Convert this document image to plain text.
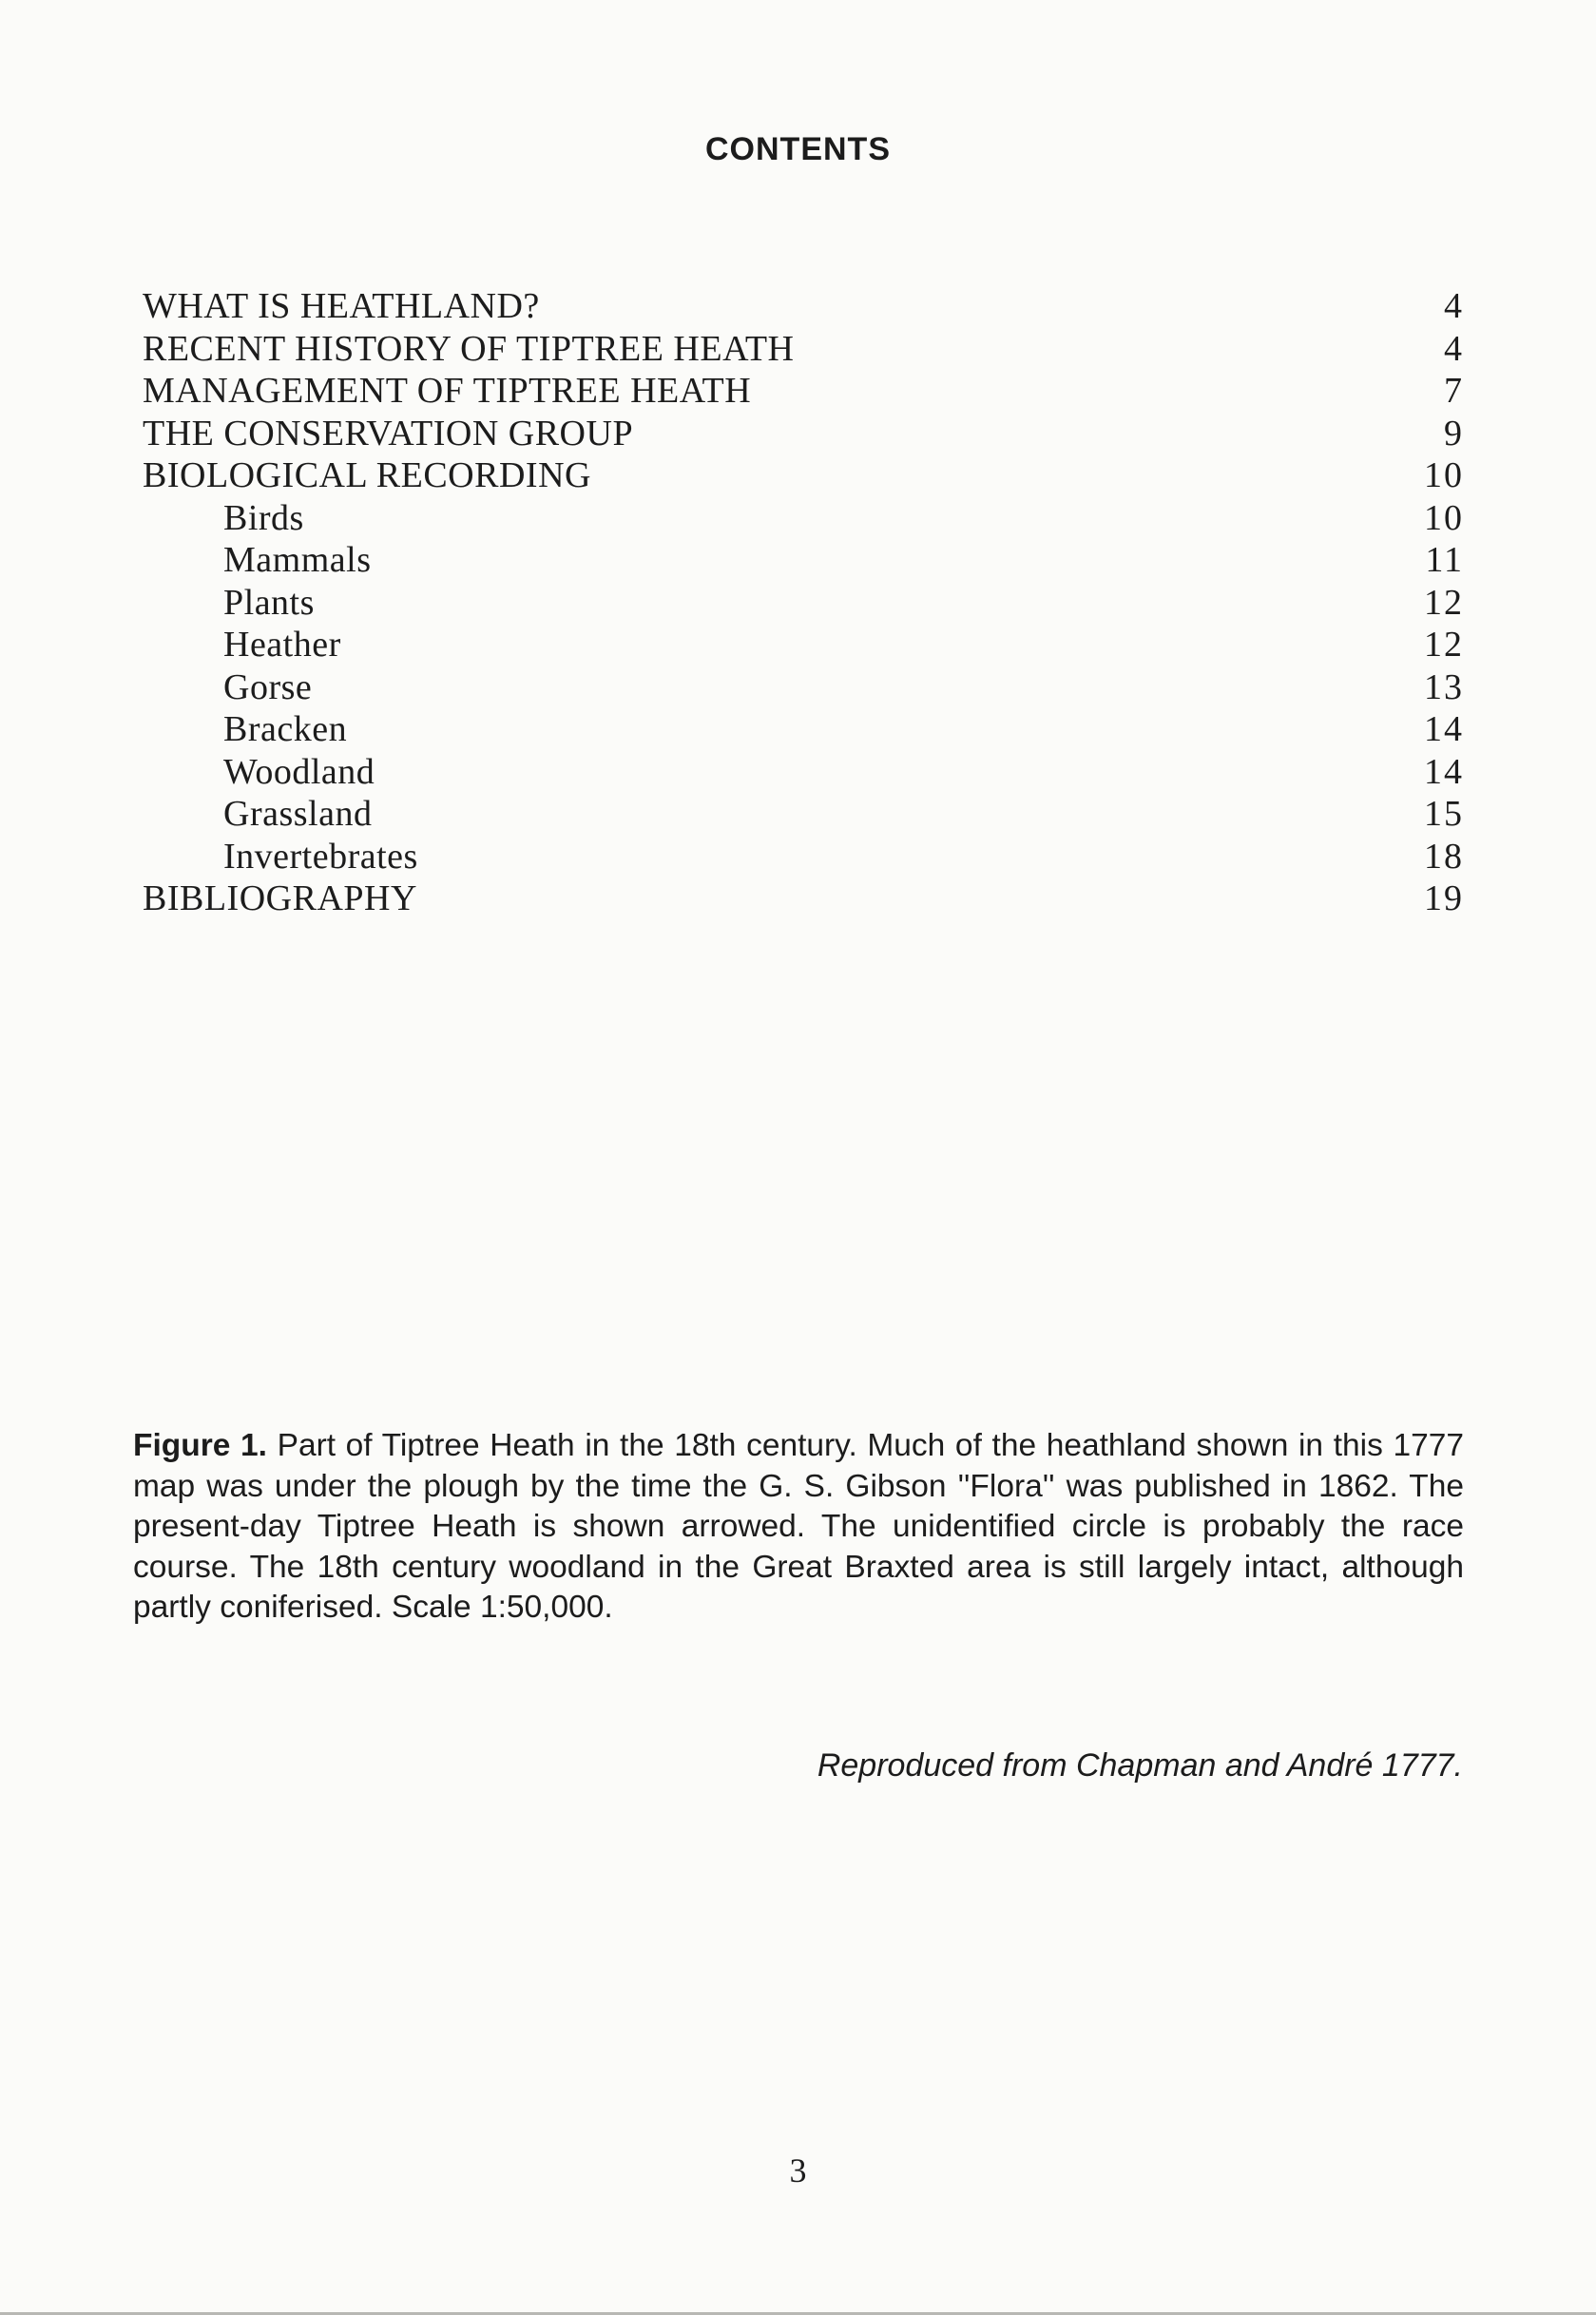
CONTENTS
WHAT IS HEATHLAND?	4
RECENT HISTORY OF TIPTREE HEATH	4
MANAGEMENT OF TIPTREE HEATH	7
THE CONSERVATION GROUP	9
BIOLOGICAL RECORDING	10
Birds	10
Mammals	11
Plants	12
Heather	12
Gorse	13
Bracken	14
Woodland	14
Grassland	15
Invertebrates	18
BIBLIOGRAPHY	19
Figure 1. Part of Tiptree Heath in the 18th century. Much of the heathland shown in this 1777 map was under the plough by the time the G. S. Gibson ''Flora'' was published in 1862. The present-day Tiptree Heath is shown arrowed. The unidentified circle is probably the race course. The 18th century woodland in the Great Braxted area is still largely intact, although partly coniferised. Scale 1:50,000.
Reproduced from Chapman and André 1777.
3
